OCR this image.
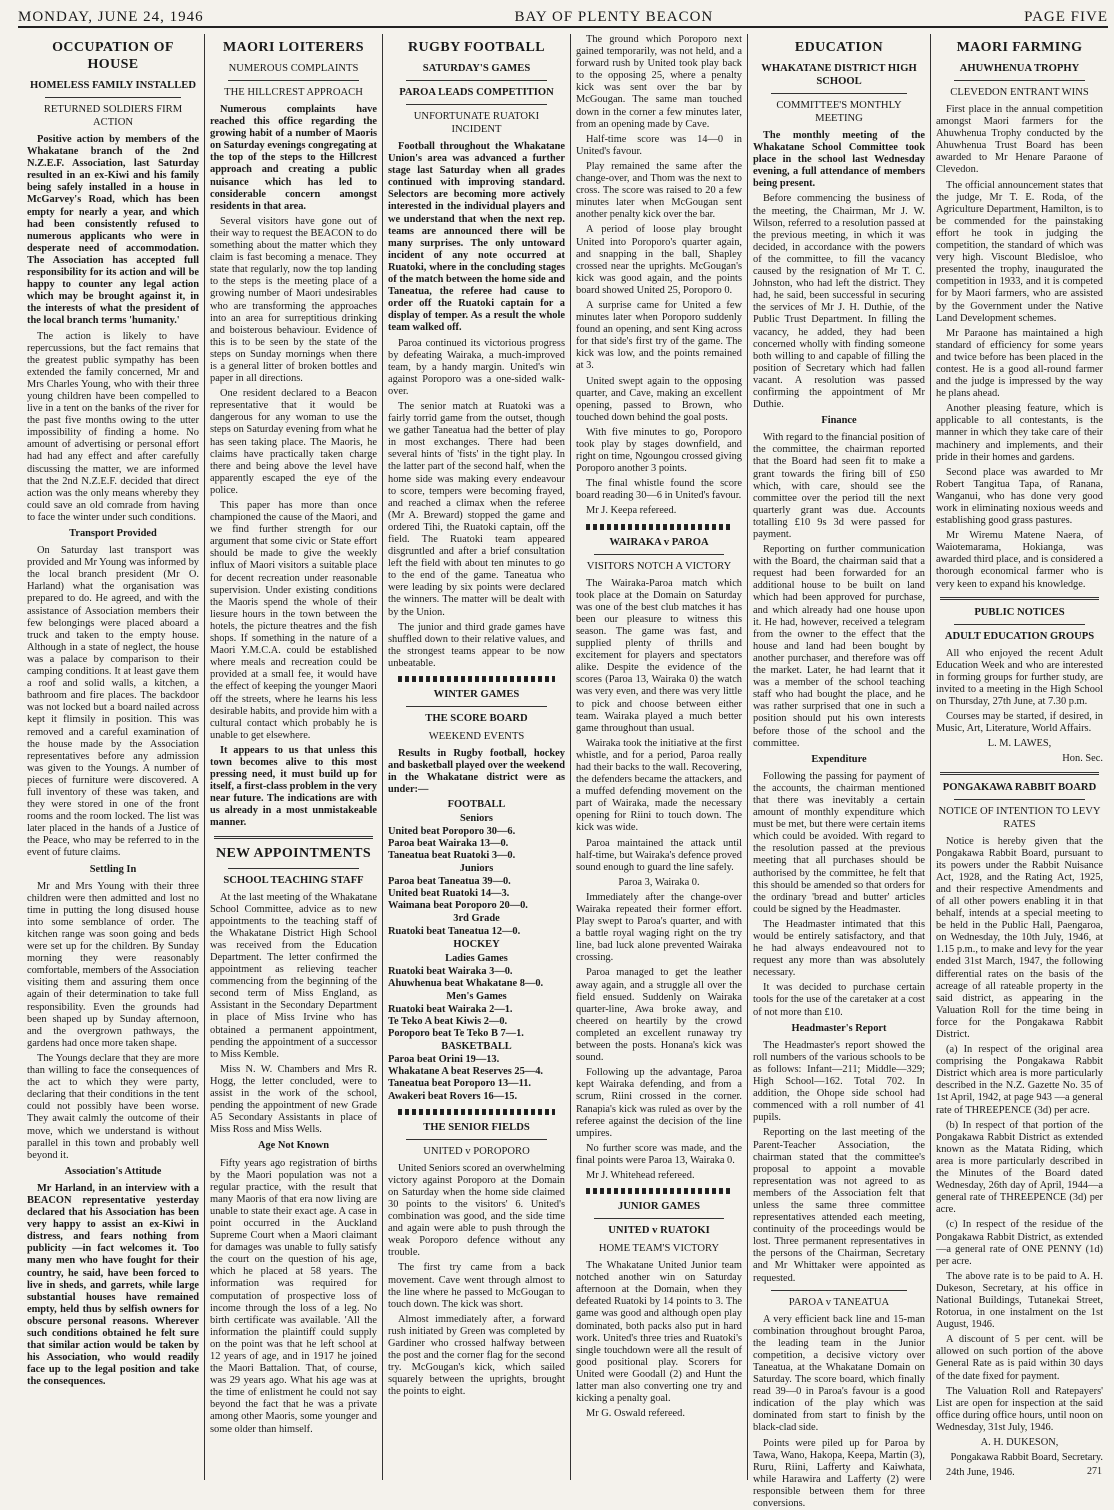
MONDAY, JUNE 24, 1946	BAY OF PLENTY BEACON	PAGE FIVE
OCCUPATION OF HOUSE
HOMELESS FAMILY INSTALLED
RETURNED SOLDIERS FIRM ACTION

Positive action by members of the Whakatane branch of the 2nd N.Z.E.F. Association, last Saturday resulted in an ex-Kiwi and his family being safely installed in a house in McGarvey's Road, which has been empty for nearly a year, and which had been consistently refused to numerous applicants who were in desperate need of accommodation. The Association has accepted full responsibility for its action and will be happy to counter any legal action which may be brought against it, in the interests of what the president of the local branch terms 'humanity.'

The action is likely to have repercussions, but the fact remains that the greatest public sympathy has been extended the family concerned, Mr and Mrs Charles Young, who with their three young children have been compelled to live in a tent on the banks of the river for the past five months owing to the utter impossibility of finding a home. No amount of advertising or personal effort had had any effect and after carefully discussing the matter, we are informed that the 2nd N.Z.E.F. decided that direct action was the only means whereby they could save an old comrade from having to face the winter under such conditions.

Transport Provided

On Saturday last transport was provided and Mr Young was informed by the local branch president (Mr O. Harland) what the organisation was prepared to do. He agreed, and with the assistance of Association members their few belongings were placed aboard a truck and taken to the empty house. Although in a state of neglect, the house was a palace by comparison to their camping conditions. It at least gave them a roof and solid walls, a kitchen, a bathroom and fire places. The backdoor was not locked but a board nailed across kept it flimsily in position. This was removed and a careful examination of the house made by the Association representatives before any admission was given to the Youngs. A number of pieces of furniture were discovered. A full inventory of these was taken, and they were stored in one of the front rooms and the room locked. The list was later placed in the hands of a Justice of the Peace, who may be referred to in the event of future claims.

Settling In

Mr and Mrs Young with their three children were then admitted and lost no time in putting the long disused house into some semblance of order. The kitchen range was soon going and beds were set up for the children. By Sunday morning they were reasonably comfortable, members of the Association visiting them and assuring them once again of their determination to take full responsibility. Even the grounds had been shaped up by Sunday afternoon, and the overgrown pathways, the gardens had once more taken shape.

The Youngs declare that they are more than willing to face the consequences of the act to which they were party, declaring that their conditions in the tent could not possibly have been worse. They await calmly the outcome of their move, which we understand is without parallel in this town and probably well beyond it.

Association's Attitude

Mr Harland, in an interview with a BEACON representative yesterday declared that his Association has been very happy to assist an ex-Kiwi in distress, and fears nothing from publicity —in fact welcomes it. Too many men who have fought for their country, he said, have been forced to live in sheds, and garrets, while large substantial houses have remained empty, held thus by selfish owners for obscure personal reasons. Wherever such conditions obtained he felt sure that similar action would be taken by his Association, who would readily face up to the legal position and take the consequences.

MAORI LOITERERS
NUMEROUS COMPLAINTS
THE HILLCREST APPROACH

Numerous complaints have reached this office regarding the growing habit of a number of Maoris on Saturday evenings congregating at the top of the steps to the Hillcrest approach and creating a public nuisance which has led to considerable concern amongst residents in that area.

Several visitors have gone out of their way to request the BEACON to do something about the matter which they claim is fast becoming a menace. They state that regularly, now the top landing to the steps is the meeting place of a growing number of Maori undesirables who are transforming the approaches into an area for surreptitious drinking and boisterous behaviour. Evidence of this is to be seen by the state of the steps on Sunday mornings when there is a general litter of broken bottles and paper in all directions.

One resident declared to a Beacon representative that it would be dangerous for any woman to use the steps on Saturday evening from what he has seen taking place. The Maoris, he claims have practically taken charge there and being above the level have apparently escaped the eye of the police.

This paper has more than once championed the cause of the Maori, and we find further strength for our argument that some civic or State effort should be made to give the weekly influx of Maori visitors a suitable place for decent recreation under reasonable supervision. Under existing conditions the Maoris spend the whole of their liesure hours in the town between the hotels, the picture theatres and the fish shops. If something in the nature of a Maori Y.M.C.A. could be established where meals and recreation could be provided at a small fee, it would have the effect of keeping the younger Maori off the streets, where he learns his less desirable habits, and provide him with a cultural contact which probably he is unable to get elsewhere.

It appears to us that unless this town becomes alive to this most pressing need, it must build up for itself, a first-class problem in the very near future. The indications are with us already in a most unmistakeable manner.

NEW APPOINTMENTS
SCHOOL TEACHING STAFF

At the last meeting of the Whakatane School Committee, advice as to new appointments to the teaching staff of the Whakatane District High School was received from the Education Department. The letter confirmed the appointment as relieving teacher commencing from the beginning of the second term of Miss England, as Assistant in the Secondary Department in place of Miss Irvine who has obtained a permanent appointment, pending the appointment of a successor to Miss Kemble.

Miss N. W. Chambers and Mrs R. Hogg, the letter concluded, were to assist in the work of the school, pending the appointment of new Grade A5 Secondary Assistants in place of Miss Ross and Miss Wells.

Age Not Known

Fifty years ago registration of births by the Maori population was not a regular practice, with the result that many Maoris of that era now living are unable to state their exact age. A case in point occurred in the Auckland Supreme Court when a Maori claimant for damages was unable to fully satisfy the court on the question of his age, which he placed at 58 years. The information was required for computation of prospective loss of income through the loss of a leg. No birth certificate was available. 'All the information the plaintiff could supply on the point was that he left school at 12 years of age, and in 1917 he joined the Maori Battalion. That, of course, was 29 years ago. What his age was at the time of enlistment he could not say beyond the fact that he was a private among other Maoris, some younger and some older than himself.

RUGBY FOOTBALL
SATURDAY'S GAMES
PAROA LEADS COMPETITION
UNFORTUNATE RUATOKI INCIDENT

Football throughout the Whakatane Union's area was advanced a further stage last Saturday when all grades continued with improving standard. Selectors are becoming more actively interested in the individual players and we understand that when the next rep. teams are announced there will be many surprises. The only untoward incident of any note occurred at Ruatoki, where in the concluding stages of the match between the home side and Taneatua, the referee had cause to order off the Ruatoki captain for a display of temper. As a result the whole team walked off.

Paroa continued its victorious progress by defeating Wairaka, a much-improved team, by a handy margin. United's win against Poroporo was a one-sided walk-over.

The senior match at Ruatoki was a fairly torrid game from the outset, though we gather Taneatua had the better of play in most exchanges. There had been several hints of 'fists' in the tight play. In the latter part of the second half, when the home side was making every endeavour to score, tempers were becoming frayed, and reached a climax when the referee (Mr A. Breward) stopped the game and ordered Tihi, the Ruatoki captain, off the field. The Ruatoki team appeared disgruntled and after a brief consultation left the field with about ten minutes to go to the end of the game. Taneatua who were leading by six points were declared the winners. The matter will be dealt with by the Union.

The junior and third grade games have shuffled down to their relative values, and the strongest teams appear to be now unbeatable.

WINTER GAMES
THE SCORE BOARD
WEEKEND EVENTS

Results in Rugby football, hockey and basketball played over the weekend in the Whakatane district were as under:—

FOOTBALL

Seniors

United beat Poroporo 30—6.

Paroa beat Wairaka 13—0.

Taneatua beat Ruatoki 3—0.

Juniors

Paroa beat Taneatua 39—0.

United beat Ruatoki 14—3.

Waimana beat Poroporo 20—0.

3rd Grade

Ruatoki beat Taneatua 12—0.

HOCKEY

Ladies Games

Ruatoki beat Wairaka 3—0.

Ahuwhenua beat Whakatane 8—0.

Men's Games

Ruatoki beat Wairaka 2—1.

Te Teko A beat Kiwis 2—0.

Poroporo beat Te Teko B 7—1.

BASKETBALL

Paroa beat Orini 19—13.

Whakatane A beat Reserves 25—4.

Taneatua beat Poroporo 13—11.

Awakeri beat Rovers 16—15.

THE SENIOR FIELDS
UNITED v POROPORO

United Seniors scored an overwhelming victory against Poroporo at the Domain on Saturday when the home side claimed 30 points to the visitors' 6. United's combination was good, and the side time and again were able to push through the weak Poroporo defence without any trouble.

The first try came from a back movement. Cave went through almost to the line where he passed to McGougan to touch down. The kick was short.

Almost immediately after, a forward rush initiated by Green was completed by Gardiner who crossed halfway between the post and the corner flag for the second try. McGougan's kick, which sailed squarely between the uprights, brought the points to eight.

The ground which Poroporo next gained temporarily, was not held, and a forward rush by United took play back to the opposing 25, where a penalty kick was sent over the bar by McGougan. The same man touched down in the corner a few minutes later, from an opening made by Cave.

Half-time score was 14—0 in United's favour.

Play remained the same after the change-over, and Thom was the next to cross. The score was raised to 20 a few minutes later when McGougan sent another penalty kick over the bar.

A period of loose play brought United into Poroporo's quarter again, and snapping in the ball, Shapley crossed near the uprights. McGougan's kick was good again, and the points board showed United 25, Poroporo 0.

A surprise came for United a few minutes later when Poroporo suddenly found an opening, and sent King across for that side's first try of the game. The kick was low, and the points remained at 3.

United swept again to the opposing quarter, and Cave, making an excellent opening, passed to Brown, who touched down behind the goal posts.

With five minutes to go, Poroporo took play by stages downfield, and right on time, Ngoungou crossed giving Poroporo another 3 points.

The final whistle found the score board reading 30—6 in United's favour.

Mr J. Keepa refereed.

WAIRAKA v PAROA
VISITORS NOTCH A VICTORY

The Wairaka-Paroa match which took place at the Domain on Saturday was one of the best club matches it has been our pleasure to witness this season. The game was fast, and supplied plenty of thrills and excitement for players and spectators alike. Despite the evidence of the scores (Paroa 13, Wairaka 0) the watch was very even, and there was very little to pick and choose between either team. Wairaka played a much better game throughout than usual.

Wairaka took the initiative at the first whistle, and for a period, Paroa really had their backs to the wall. Recovering, the defenders became the attackers, and a muffed defending movement on the part of Wairaka, made the necessary opening for Riini to touch down. The kick was wide.

Paroa maintained the attack until half-time, but Wairaka's defence proved sound enough to guard the line safely.

Paroa 3, Wairaka 0.

Immediately after the change-over Wairaka repeated their former effort. Play swept to Paroa's quarter, and with a battle royal waging right on the try line, bad luck alone prevented Wairaka crossing.

Paroa managed to get the leather away again, and a struggle all over the field ensued. Suddenly on Wairaka quarter-line, Awa broke away, and cheered on heartily by the crowd completed an excellent runaway try between the posts. Honana's kick was sound.

Following up the advantage, Paroa kept Wairaka defending, and from a scrum, Riini crossed in the corner. Ranapia's kick was ruled as over by the referee against the decision of the line umpires.

No further score was made, and the final points were Paroa 13, Wairaka 0.

Mr J. Whitehead refereed.

JUNIOR GAMES
UNITED v RUATOKI
HOME TEAM'S VICTORY

The Whakatane United Junior team notched another win on Saturday afternoon at the Domain, when they defeated Ruatoki by 14 points to 3. The game was good and although open play dominated, both packs also put in hard work. United's three tries and Ruatoki's single touchdown were all the result of good positional play. Scorers for United were Goodall (2) and Hunt the latter man also converting one try and kicking a penalty goal.

Mr G. Oswald refereed.

EDUCATION
WHAKATANE DISTRICT HIGH SCHOOL
COMMITTEE'S MONTHLY MEETING

The monthly meeting of the Whakatane School Committee took place in the school last Wednesday evening, a full attendance of members being present.

Before commencing the business of the meeting, the Chairman, Mr J. W. Wilson, referred to a resolution passed at the previous meeting, in which it was decided, in accordance with the powers of the committee, to fill the vacancy caused by the resignation of Mr T. C. Johnston, who had left the district. They had, he said, been successful in securing the services of Mr J. H. Duthie, of the Public Trust Department. In filling the vacancy, he added, they had been concerned wholly with finding someone both willing to and capable of filling the position of Secretary which had fallen vacant. A resolution was passed confirming the appointment of Mr Duthie.

Finance

With regard to the financial position of the committee, the chairman reported that the Board had seen fit to make a grant towards the firing bill of £50 which, with care, should see the committee over the period till the next quarterly grant was due. Accounts totalling £10 9s 3d were passed for payment.

Reporting on further communication with the Board, the chairman said that a request had been forwarded for an additional house to be built on land which had been approved for purchase, and which already had one house upon it. He had, however, received a telegram from the owner to the effect that the house and land had been bought by another purchaser, and therefore was off the market. Later, he had learnt that it was a member of the school teaching staff who had bought the place, and he was rather surprised that one in such a position should put his own interests before those of the school and the committee.

Expenditure

Following the passing for payment of the accounts, the chairman mentioned that there was inevitably a certain amount of monthly expenditure which must be met, but there were certain items which could be avoided. With regard to the resolution passed at the previous meeting that all purchases should be authorised by the committee, he felt that this should be amended so that orders for the ordinary 'bread and butter' articles could be signed by the Headmaster.

The Headmaster intimated that this would be entirely satisfactory, and that he had always endeavoured not to request any more than was absolutely necessary.

It was decided to purchase certain tools for the use of the caretaker at a cost of not more than £10.

Headmaster's Report

The Headmaster's report showed the roll numbers of the various schools to be as follows: Infant—211; Middle—329; High School—162. Total 702. In addition, the Ohope side school had commenced with a roll number of 41 pupils.

Reporting on the last meeting of the Parent-Teacher Association, the chairman stated that the committee's proposal to appoint a movable representation was not agreed to as members of the Association felt that unless the same three committee representatives attended each meeting, continuity of the proceedings would be lost. Three permanent representatives in the persons of the Chairman, Secretary and Mr Whittaker were appointed as requested.

PAROA v TANEATUA

A very efficient back line and 15-man combination throughout brought Paroa, the leading team in the Junior competition, a decisive victory over Taneatua, at the Whakatane Domain on Saturday. The score board, which finally read 39—0 in Paroa's favour is a good indication of the play which was dominated from start to finish by the black-clad side.

Points were piled up for Paroa by Tawa, Wano, Hakopa, Keepa, Martin (3), Ruru, Riini, Lafferty and Kaiwhata, while Harawira and Lafferty (2) were responsible between them for three conversions.

MAORI FARMING
AHUWHENUA TROPHY
CLEVEDON ENTRANT WINS

First place in the annual competition amongst Maori farmers for the Ahuwhenua Trophy conducted by the Ahuwhenua Trust Board has been awarded to Mr Henare Paraone of Clevedon.

The official announcement states that the judge, Mr T. E. Roda, of the Agriculture Department, Hamilton, is to be commended for the painstaking effort he took in judging the competition, the standard of which was very high. Viscount Bledisloe, who presented the trophy, inaugurated the competition in 1933, and it is competed for by Maori farmers, who are assisted by the Government under the Native Land Development schemes.

Mr Paraone has maintained a high standard of efficiency for some years and twice before has been placed in the contest. He is a good all-round farmer and the judge is impressed by the way he plans ahead.

Another pleasing feature, which is applicable to all contestants, is the manner in which they take care of their machinery and implements, and their pride in their homes and gardens.

Second place was awarded to Mr Robert Tangitua Tapa, of Ranana, Wanganui, who has done very good work in eliminating noxious weeds and establishing good grass pastures.

Mr Wiremu Matene Naera, of Waiotemarama, Hokianga, was awarded third place, and is considered a thorough economical farmer who is very keen to expand his knowledge.

PUBLIC NOTICES
ADULT EDUCATION GROUPS

All who enjoyed the recent Adult Education Week and who are interested in forming groups for further study, are invited to a meeting in the High School on Thursday, 27th June, at 7.30 p.m.

Courses may be started, if desired, in Music, Art, Literature, World Affairs.

L. M. LAWES,

Hon. Sec.

PONGAKAWA RABBIT BOARD
NOTICE OF INTENTION TO LEVY RATES

Notice is hereby given that the Pongakawa Rabbit Board, pursuant to its powers under the Rabbit Nuisance Act, 1928, and the Rating Act, 1925, and their respective Amendments and of all other powers enabling it in that behalf, intends at a special meeting to be held in the Public Hall, Paengaroa, on Wednesday, the 10th July, 1946, at 1.15 p.m., to make and levy for the year ended 31st March, 1947, the following differential rates on the basis of the acreage of all rateable property in the said district, as appearing in the Valuation Roll for the time being in force for the Pongakawa Rabbit District.

(a) In respect of the original area comprising the Pongakawa Rabbit District which area is more particularly described in the N.Z. Gazette No. 35 of 1st April, 1942, at page 943 —a general rate of THREEPENCE (3d) per acre.

(b) In respect of that portion of the Pongakawa Rabbit District as extended known as the Matata Riding, which area is more particularly described in the Minutes of the Board dated Wednesday, 26th day of April, 1944—a general rate of THREEPENCE (3d) per acre.

(c) In respect of the residue of the Pongakawa Rabbit District, as extended—a general rate of ONE PENNY (1d) per acre.

The above rate is to be paid to A. H. Dukeson, Secretary, at his office in National Buildings, Tutanekai Street, Rotorua, in one instalment on the 1st August, 1946.

A discount of 5 per cent. will be allowed on such portion of the above General Rate as is paid within 30 days of the date fixed for payment.

The Valuation Roll and Ratepayers' List are open for inspection at the said office during office hours, until noon on Wednesday, 31st July, 1946.

A. H. DUKESON,

Pongakawa Rabbit Board, Secretary.

24th June, 1946.	271
